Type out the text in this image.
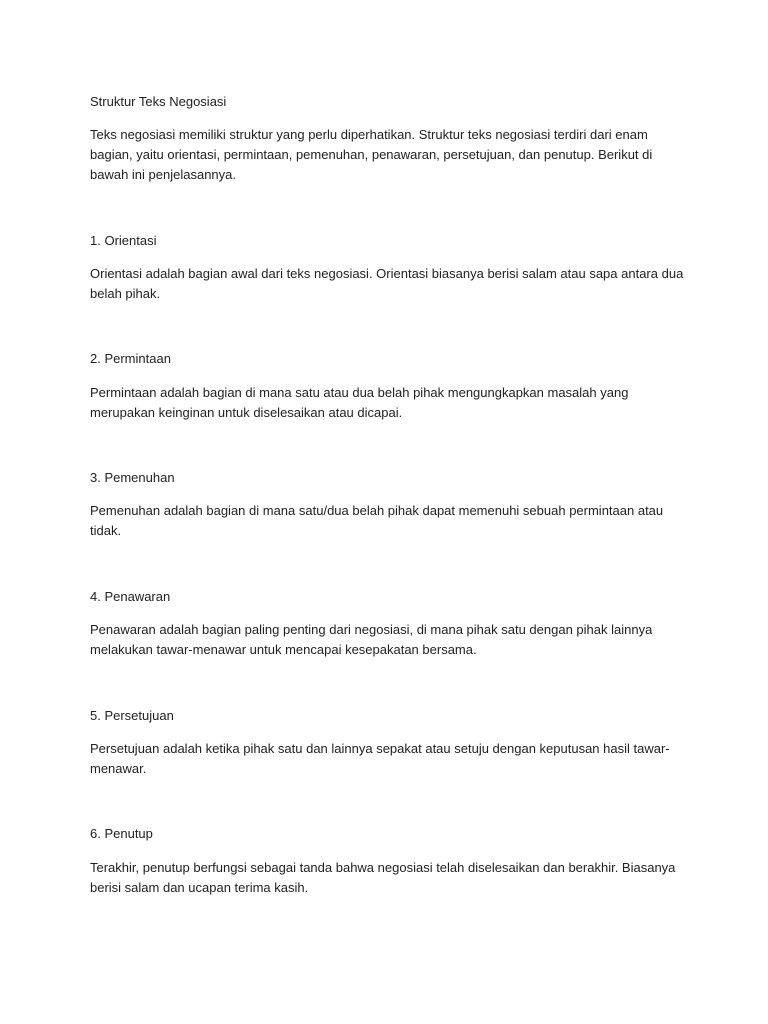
Struktur Teks Negosiasi

Teks negosiasi memiliki struktur yang perlu diperhatikan. Struktur teks negosiasi terdiri dari enam bagian, yaitu orientasi, permintaan, pemenuhan, penawaran, persetujuan, dan penutup. Berikut di bawah ini penjelasannya.

1. Orientasi

Orientasi adalah bagian awal dari teks negosiasi. Orientasi biasanya berisi salam atau sapa antara dua belah pihak.

2. Permintaan

Permintaan adalah bagian di mana satu atau dua belah pihak mengungkapkan masalah yang merupakan keinginan untuk diselesaikan atau dicapai.

3. Pemenuhan

Pemenuhan adalah bagian di mana satu/dua belah pihak dapat memenuhi sebuah permintaan atau tidak.

4. Penawaran

Penawaran adalah bagian paling penting dari negosiasi, di mana pihak satu dengan pihak lainnya melakukan tawar-menawar untuk mencapai kesepakatan bersama.

5. Persetujuan

Persetujuan adalah ketika pihak satu dan lainnya sepakat atau setuju dengan keputusan hasil tawar-menawar.

6. Penutup

Terakhir, penutup berfungsi sebagai tanda bahwa negosiasi telah diselesaikan dan berakhir. Biasanya berisi salam dan ucapan terima kasih.
